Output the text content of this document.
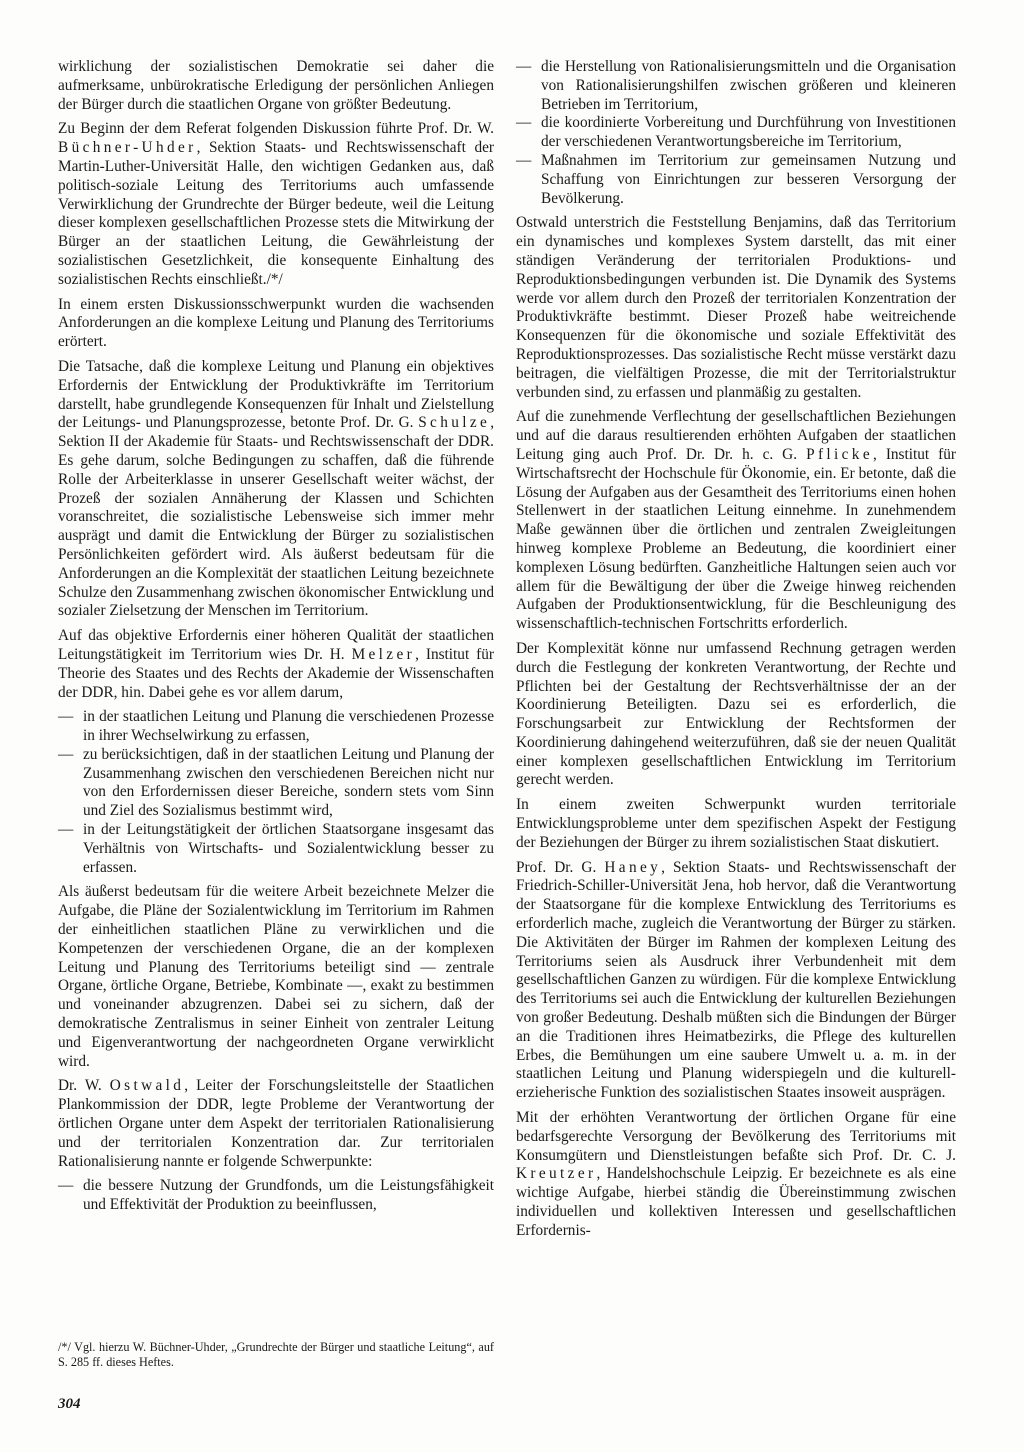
wirklichung der sozialistischen Demokratie sei daher die aufmerksame, unbürokratische Erledigung der persönlichen Anliegen der Bürger durch die staatlichen Organe von größter Bedeutung.

Zu Beginn der dem Referat folgenden Diskussion führte Prof. Dr. W. Büchner-Uhder, Sektion Staats- und Rechtswissenschaft der Martin-Luther-Universität Halle, den wichtigen Gedanken aus, daß politisch-soziale Leitung des Territoriums auch umfassende Verwirklichung der Grundrechte der Bürger bedeute, weil die Leitung dieser komplexen gesellschaftlichen Prozesse stets die Mitwirkung der Bürger an der staatlichen Leitung, die Gewährleistung der sozialistischen Gesetzlichkeit, die konsequente Einhaltung des sozialistischen Rechts einschließt./*/

In einem ersten Diskussionsschwerpunkt wurden die wachsenden Anforderungen an die komplexe Leitung und Planung des Territoriums erörtert.

Die Tatsache, daß die komplexe Leitung und Planung ein objektives Erfordernis der Entwicklung der Produktivkräfte im Territorium darstellt, habe grundlegende Konsequenzen für Inhalt und Zielstellung der Leitungs- und Planungsprozesse, betonte Prof. Dr. G. Schulze, Sektion II der Akademie für Staats- und Rechtswissenschaft der DDR. Es gehe darum, solche Bedingungen zu schaffen, daß die führende Rolle der Arbeiterklasse in unserer Gesellschaft weiter wächst, der Prozeß der sozialen Annäherung der Klassen und Schichten voranschreitet, die sozialistische Lebensweise sich immer mehr ausprägt und damit die Entwicklung der Bürger zu sozialistischen Persönlichkeiten gefördert wird. Als äußerst bedeutsam für die Anforderungen an die Komplexität der staatlichen Leitung bezeichnete Schulze den Zusammenhang zwischen ökonomischer Entwicklung und sozialer Zielsetzung der Menschen im Territorium.

Auf das objektive Erfordernis einer höheren Qualität der staatlichen Leitungstätigkeit im Territorium wies Dr. H. Melzer, Institut für Theorie des Staates und des Rechts der Akademie der Wissenschaften der DDR, hin. Dabei gehe es vor allem darum,

— in der staatlichen Leitung und Planung die verschiedenen Prozesse in ihrer Wechselwirkung zu erfassen,
— zu berücksichtigen, daß in der staatlichen Leitung und Planung der Zusammenhang zwischen den verschiedenen Bereichen nicht nur von den Erfordernissen dieser Bereiche, sondern stets vom Sinn und Ziel des Sozialismus bestimmt wird,
— in der Leitungstätigkeit der örtlichen Staatsorgane insgesamt das Verhältnis von Wirtschafts- und Sozialentwicklung besser zu erfassen.

Als äußerst bedeutsam für die weitere Arbeit bezeichnete Melzer die Aufgabe, die Pläne der Sozialentwicklung im Territorium im Rahmen der einheitlichen staatlichen Pläne zu verwirklichen und die Kompetenzen der verschiedenen Organe, die an der komplexen Leitung und Planung des Territoriums beteiligt sind — zentrale Organe, örtliche Organe, Betriebe, Kombinate —, exakt zu bestimmen und voneinander abzugrenzen. Dabei sei zu sichern, daß der demokratische Zentralismus in seiner Einheit von zentraler Leitung und Eigenverantwortung der nachgeordneten Organe verwirklicht wird.

Dr. W. Ostwald, Leiter der Forschungsleitstelle der Staatlichen Plankommission der DDR, legte Probleme der Verantwortung der örtlichen Organe unter dem Aspekt der territorialen Rationalisierung und der territorialen Konzentration dar. Zur territorialen Rationalisierung nannte er folgende Schwerpunkte:

— die bessere Nutzung der Grundfonds, um die Leistungsfähigkeit und Effektivität der Produktion zu beeinflussen,
— die Herstellung von Rationalisierungsmitteln und die Organisation von Rationalisierungshilfen zwischen größeren und kleineren Betrieben im Territorium,
— die koordinierte Vorbereitung und Durchführung von Investitionen der verschiedenen Verantwortungsbereiche im Territorium,
— Maßnahmen im Territorium zur gemeinsamen Nutzung und Schaffung von Einrichtungen zur besseren Versorgung der Bevölkerung.

Ostwald unterstrich die Feststellung Benjamins, daß das Territorium ein dynamisches und komplexes System darstellt, das mit einer ständigen Veränderung der territorialen Produktions- und Reproduktionsbedingungen verbunden ist. Die Dynamik des Systems werde vor allem durch den Prozeß der territorialen Konzentration der Produktivkräfte bestimmt. Dieser Prozeß habe weitreichende Konsequenzen für die ökonomische und soziale Effektivität des Reproduktionsprozesses. Das sozialistische Recht müsse verstärkt dazu beitragen, die vielfältigen Prozesse, die mit der Territorialstruktur verbunden sind, zu erfassen und planmäßig zu gestalten.

Auf die zunehmende Verflechtung der gesellschaftlichen Beziehungen und auf die daraus resultierenden erhöhten Aufgaben der staatlichen Leitung ging auch Prof. Dr. Dr. h. c. G. Pflicke, Institut für Wirtschaftsrecht der Hochschule für Ökonomie, ein. Er betonte, daß die Lösung der Aufgaben aus der Gesamtheit des Territoriums einen hohen Stellenwert in der staatlichen Leitung einnehme. In zunehmendem Maße gewännen über die örtlichen und zentralen Zweigleitungen hinweg komplexe Probleme an Bedeutung, die koordiniert einer komplexen Lösung bedürften. Ganzheitliche Haltungen seien auch vor allem für die Bewältigung der über die Zweige hinweg reichenden Aufgaben der Produktionsentwicklung, für die Beschleunigung des wissenschaftlich-technischen Fortschritts erforderlich.

Der Komplexität könne nur umfassend Rechnung getragen werden durch die Festlegung der konkreten Verantwortung, der Rechte und Pflichten bei der Gestaltung der Rechtsverhältnisse der an der Koordinierung Beteiligten. Dazu sei es erforderlich, die Forschungsarbeit zur Entwicklung der Rechtsformen der Koordinierung dahingehend weiterzuführen, daß sie der neuen Qualität einer komplexen gesellschaftlichen Entwicklung im Territorium gerecht werden.

In einem zweiten Schwerpunkt wurden territoriale Entwicklungsprobleme unter dem spezifischen Aspekt der Festigung der Beziehungen der Bürger zu ihrem sozialistischen Staat diskutiert.

Prof. Dr. G. Haney, Sektion Staats- und Rechtswissenschaft der Friedrich-Schiller-Universität Jena, hob hervor, daß die Verantwortung der Staatsorgane für die komplexe Entwicklung des Territoriums es erforderlich mache, zugleich die Verantwortung der Bürger zu stärken. Die Aktivitäten der Bürger im Rahmen der komplexen Leitung des Territoriums seien als Ausdruck ihrer Verbundenheit mit dem gesellschaftlichen Ganzen zu würdigen. Für die komplexe Entwicklung des Territoriums sei auch die Entwicklung der kulturellen Beziehungen von großer Bedeutung. Deshalb müßten sich die Bindungen der Bürger an die Traditionen ihres Heimatbezirks, die Pflege des kulturellen Erbes, die Bemühungen um eine saubere Umwelt u. a. m. in der staatlichen Leitung und Planung widerspiegeln und die kulturell-erzieherische Funktion des sozialistischen Staates insoweit ausprägen.

Mit der erhöhten Verantwortung der örtlichen Organe für eine bedarfsgerechte Versorgung der Bevölkerung des Territoriums mit Konsumgütern und Dienstleistungen befaßte sich Prof. Dr. C. J. Kreutzer, Handelshochschule Leipzig. Er bezeichnete es als eine wichtige Aufgabe, hierbei ständig die Übereinstimmung zwischen individuellen und kollektiven Interessen und gesellschaftlichen Erfordernis-

/*/ Vgl. hierzu W. Büchner-Uhder, „Grundrechte der Bürger und staatliche Leitung“, auf S. 285 ff. dieses Heftes.
304
